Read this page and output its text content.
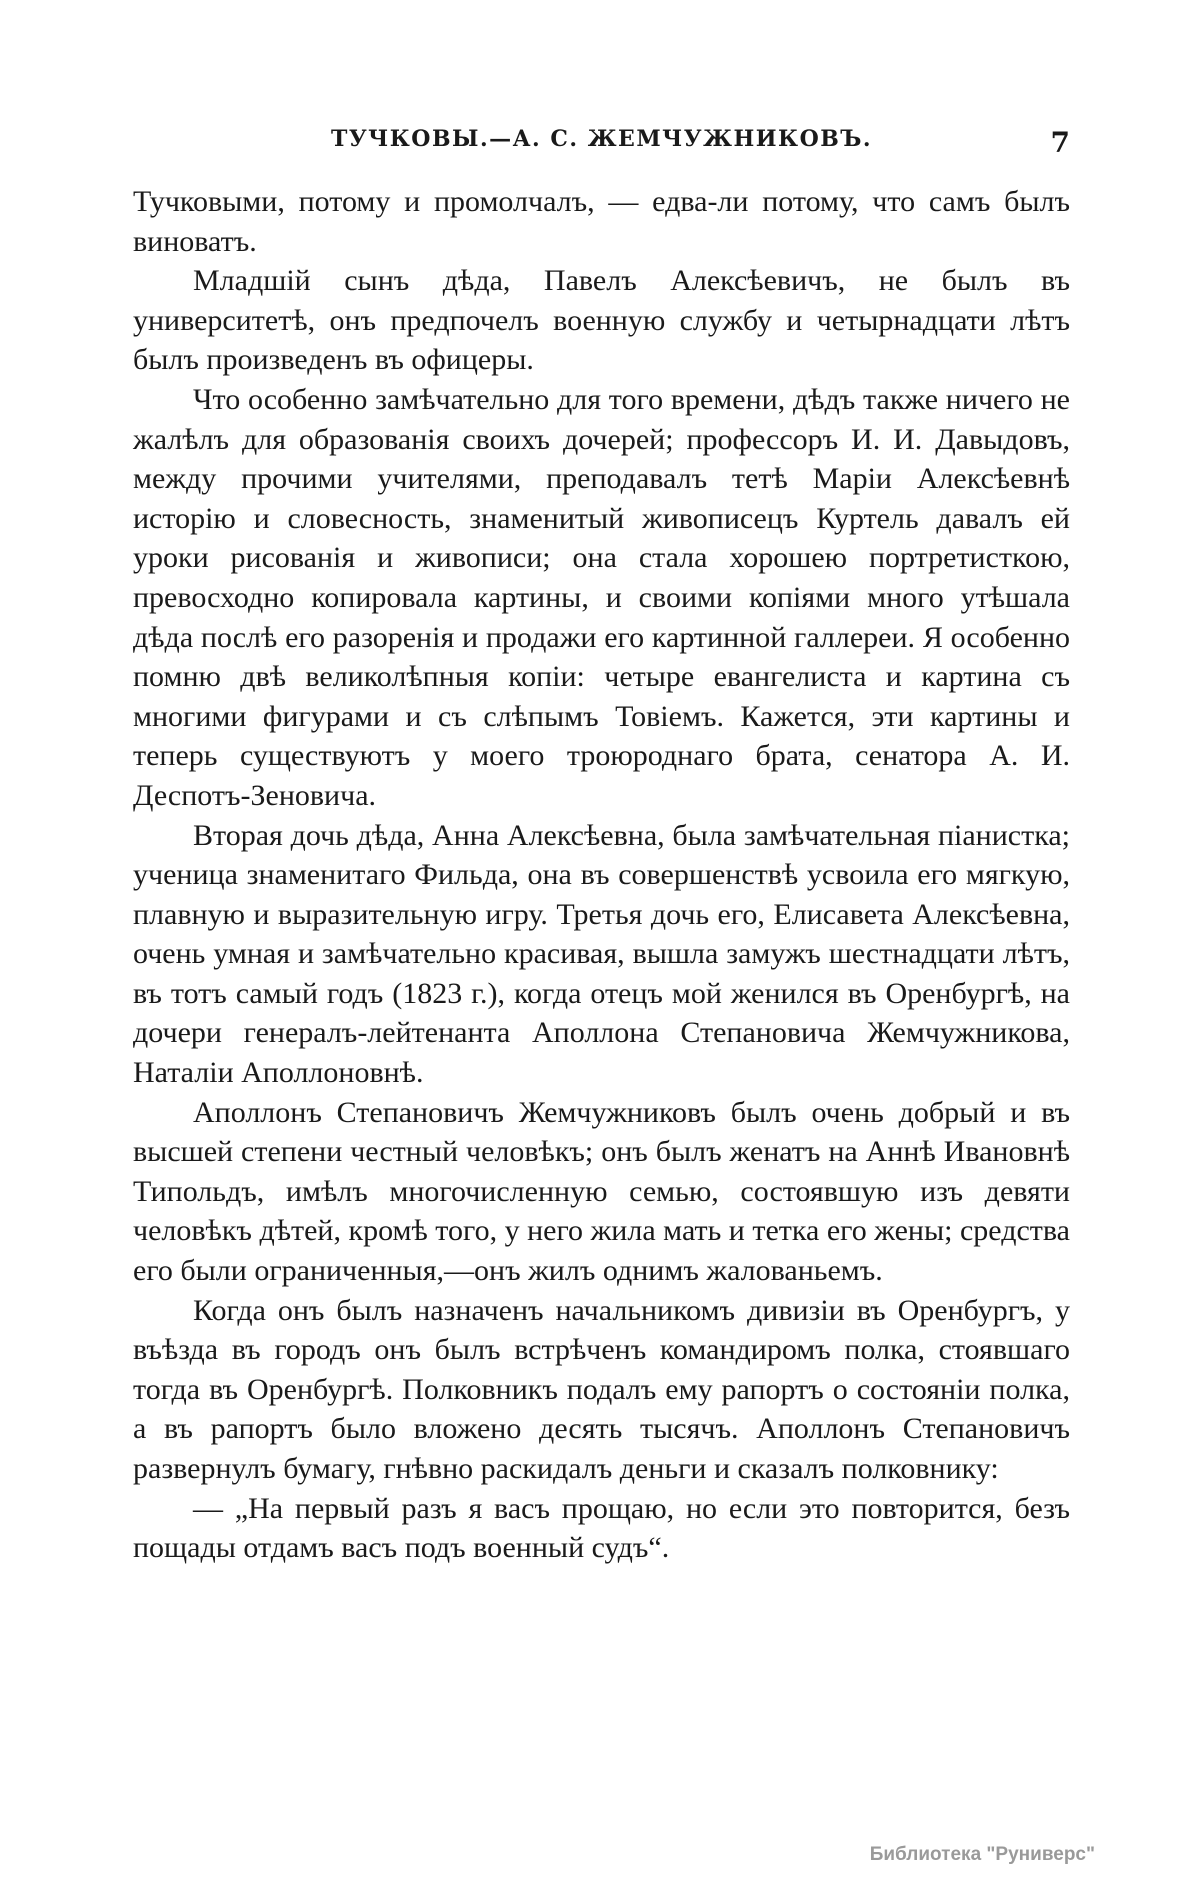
ТУЧКОВЫ.—А. С. ЖЕМЧУЖНИКОВЪ.	7

Тучковыми, потому и промолчалъ, — едва-ли потому, что самъ былъ виноватъ.

Младшій сынъ дѣда, Павелъ Алексѣевичъ, не былъ въ университетѣ, онъ предпочелъ военную службу и четырнадцати лѣтъ былъ произведенъ въ офицеры.

Что особенно замѣчательно для того времени, дѣдъ также ничего не жалѣлъ для образованія своихъ дочерей; профессоръ И. И. Давыдовъ, между прочими учителями, преподавалъ тетѣ Маріи Алексѣевнѣ исторію и словесность, знаменитый живописецъ Куртель давалъ ей уроки рисованія и живописи; она стала хорошею портретисткою, превосходно копировала картины, и своими копіями много утѣшала дѣда послѣ его разоренія и продажи его картинной галлереи. Я особенно помню двѣ великолѣпныя копіи: четыре евангелиста и картина съ многими фигурами и съ слѣпымъ Товіемъ. Кажется, эти картины и теперь существуютъ у моего троюроднаго брата, сенатора А. И. Деспотъ-Зеновича.

Вторая дочь дѣда, Анна Алексѣевна, была замѣчательная піанистка; ученица знаменитаго Фильда, она въ совершенствѣ усвоила его мягкую, плавную и выразительную игру. Третья дочь его, Елисавета Алексѣевна, очень умная и замѣчательно красивая, вышла замужъ шестнадцати лѣтъ, въ тотъ самый годъ (1823 г.), когда отецъ мой женился въ Оренбургѣ, на дочери генералъ-лейтенанта Аполлона Степановича Жемчужникова, Наталіи Аполлоновнѣ.

Аполлонъ Степановичъ Жемчужниковъ былъ очень добрый и въ высшей степени честный человѣкъ; онъ былъ женатъ на Аннѣ Ивановнѣ Типольдъ, имѣлъ многочисленную семью, состоявшую изъ девяти человѣкъ дѣтей, кромѣ того, у него жила мать и тетка его жены; средства его были ограниченныя,—онъ жилъ однимъ жалованьемъ.

Когда онъ былъ назначенъ начальникомъ дивизіи въ Оренбургъ, у въѣзда въ городъ онъ былъ встрѣченъ командиромъ полка, стоявшаго тогда въ Оренбургѣ. Полковникъ подалъ ему рапортъ о состояніи полка, а въ рапортъ было вложено десять тысячъ. Аполлонъ Степановичъ развернулъ бумагу, гнѣвно раскидалъ деньги и сказалъ полковнику:

— „На первый разъ я васъ прощаю, но если это повторится, безъ пощады отдамъ васъ подъ военный судъ“.

Библиотека "Руниверс"
